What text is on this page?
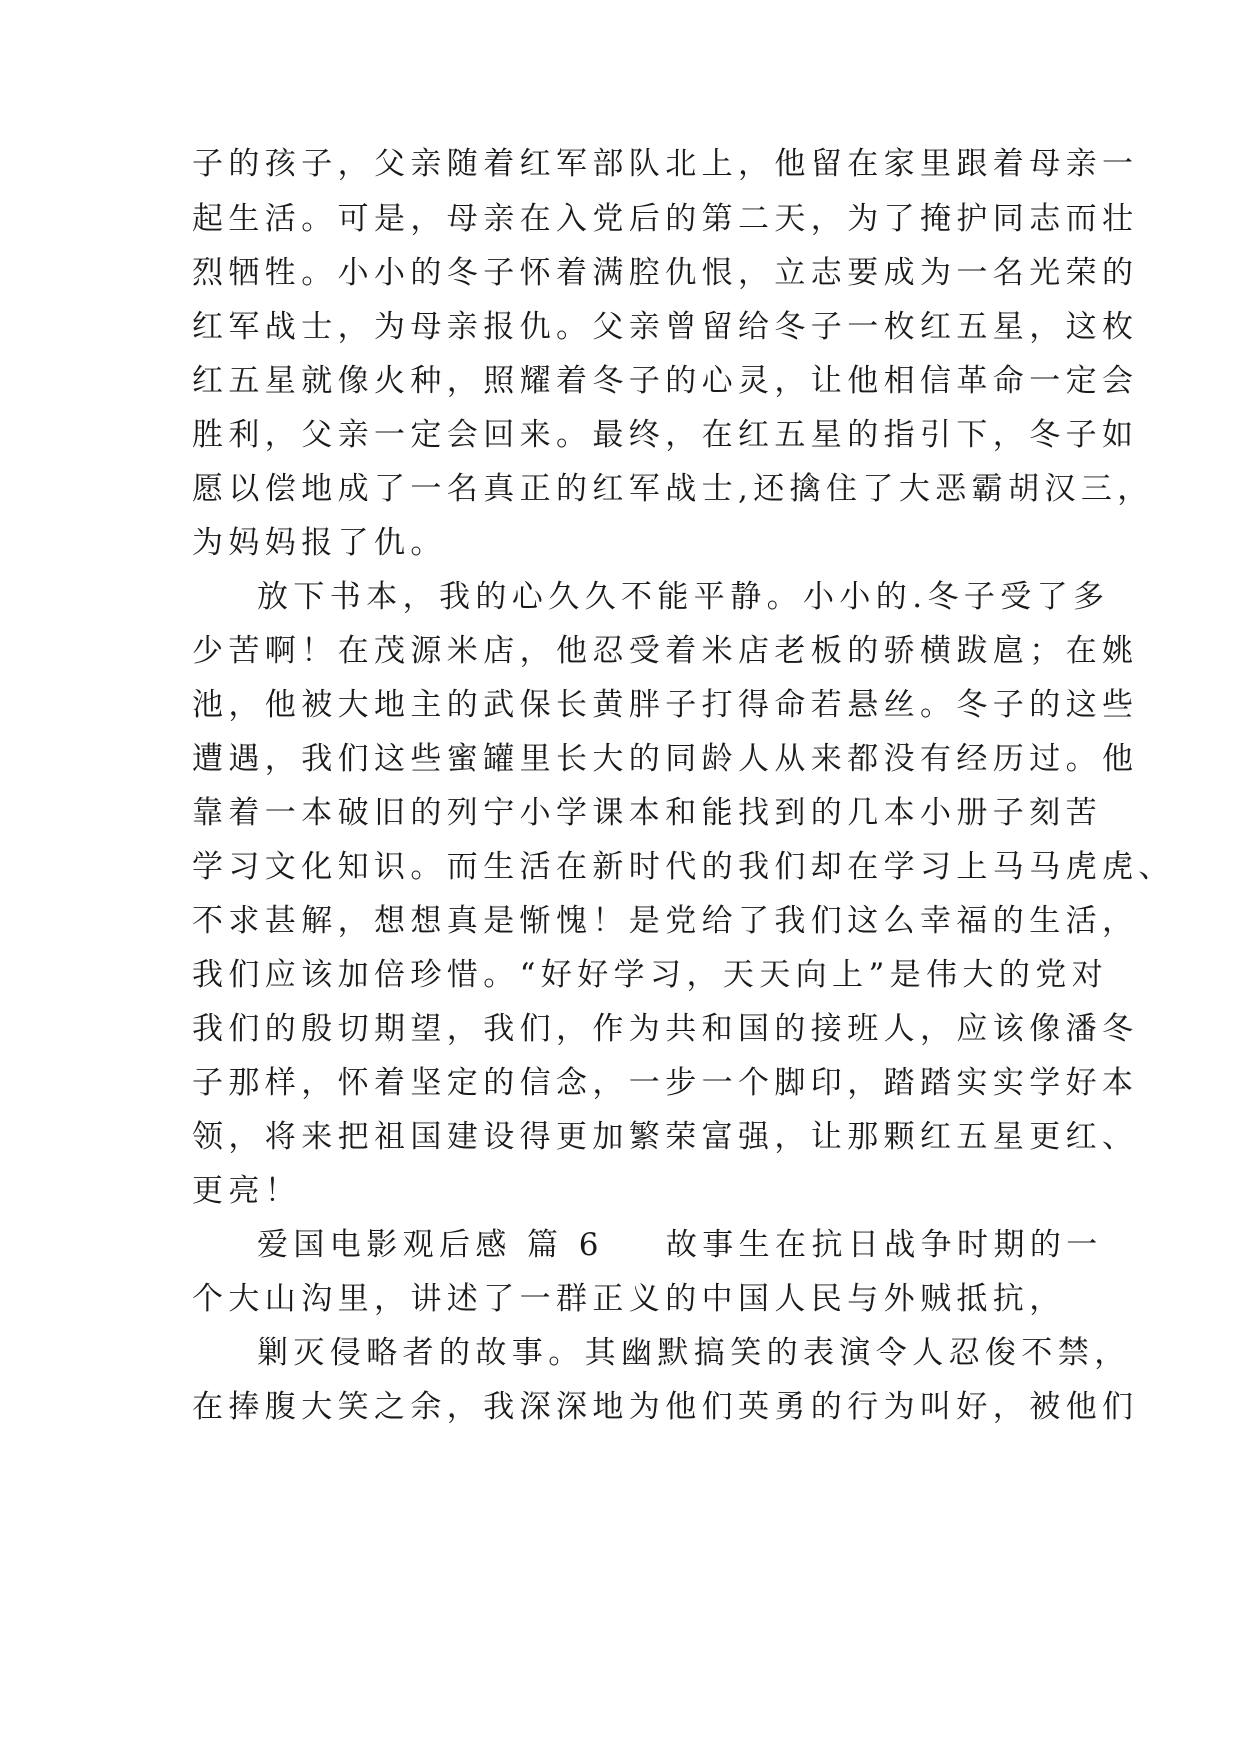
子的孩子，父亲随着红军部队北上，他留在家里跟着母亲一
起生活。可是，母亲在入党后的第二天，为了掩护同志而壮
烈牺牲。小小的冬子怀着满腔仇恨，立志要成为一名光荣的
红军战士，为母亲报仇。父亲曾留给冬子一枚红五星，这枚
红五星就像火种，照耀着冬子的心灵，让他相信革命一定会
胜利，父亲一定会回来。最终，在红五星的指引下，冬子如
愿以偿地成了一名真正的红军战士,还擒住了大恶霸胡汉三，
为妈妈报了仇。
放下书本，我的心久久不能平静。小小的.冬子受了多
少苦啊！在茂源米店，他忍受着米店老板的骄横跋扈；在姚
池，他被大地主的武保长黄胖子打得命若悬丝。冬子的这些
遭遇，我们这些蜜罐里长大的同龄人从来都没有经历过。他
靠着一本破旧的列宁小学课本和能找到的几本小册子刻苦
学习文化知识。而生活在新时代的我们却在学习上马马虎虎、
不求甚解，想想真是惭愧！是党给了我们这么幸福的生活，
我们应该加倍珍惜。“好好学习，天天向上”是伟大的党对
我们的殷切期望，我们，作为共和国的接班人，应该像潘冬
子那样，怀着坚定的信念，一步一个脚印，踏踏实实学好本
领，将来把祖国建设得更加繁荣富强，让那颗红五星更红、
更亮！
爱国电影观后感 篇 6 故事生在抗日战争时期的一
个大山沟里，讲述了一群正义的中国人民与外贼抵抗，
剿灭侵略者的故事。其幽默搞笑的表演令人忍俊不禁，
在捧腹大笑之余，我深深地为他们英勇的行为叫好，被他们
